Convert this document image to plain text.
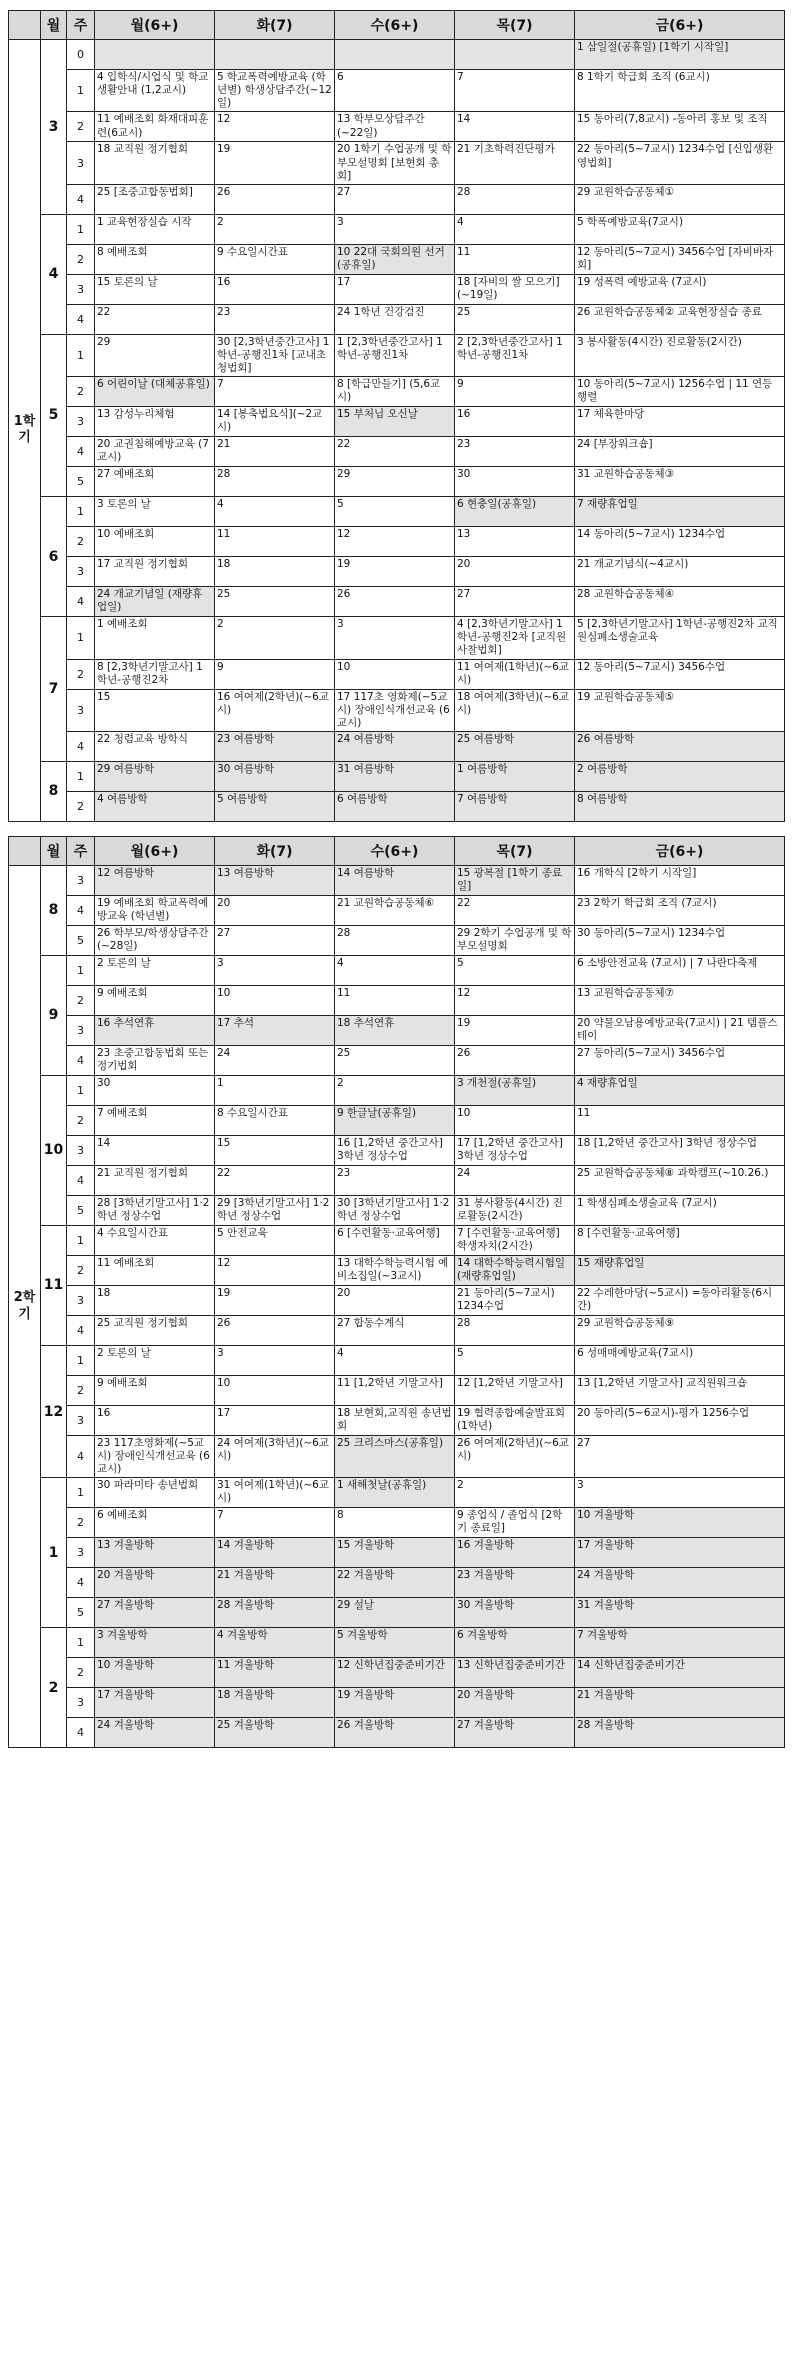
	월	주	월(6+)	화(7)	수(6+)	목(7)	금(6+)
1학기	3	0					1 삼일절(공휴일) [1학기 시작일]
		1	4 입학식/시업식 및 학교생활안내 (1,2교시)	5 학교폭력예방교육 (학년별) 학생상담주간(~12일)	6	7	8 1학기 학급회 조직 (6교시)
		2	11 예배조회 화재대피훈련(6교시)	12	13 학부모상담주간 (~22일)	14	15 동아리(7,8교시) -동아리 홍보 및 조직
		3	18 교직원 정기협회	19	20 1학기 수업공개 및 학부모설명회 [보현회 총회]	21 기초학력진단평가	22 동아리(5~7교시) 1234수업 [신입생환영법회]
		4	25 [조중고합동법회]	26	27	28	29 교원학습공동체①
	4	1	1 교육현장실습 시작	2	3	4	5 학폭예방교육(7교시)
		2	8 예배조회	9 수요일시간표	10 22대 국회의원 선거 (공휴일)	11	12 동아리(5~7교시) 3456수업 [자비바자회]
		3	15 토론의 날	16	17	18 [자비의 쌀 모으기] (~19일)	19 성폭력 예방교육 (7교시)
		4	22	23	24 1학년 건강검진	25	26 교원학습공동체② 교육현장실습 종료
	5	1	29	30 [2,3학년중간고사] 1학년-공행진1차 [교내초청법회]	1 [2,3학년중간고사] 1학년-공행진1차	2 [2,3학년중간고사] 1학년-공행진1차	3 봉사활동(4시간) 진로활동(2시간)
		2	6 어린이날 (대체공휴일)	7	8 [학급만들기] (5,6교시)	9	10 동아리(5~7교시) 1256수업 | 11 연등행렬
		3	13 감성누리체험	14 [봉축법요식](~2교시)	15 부처님 오신날	16	17 체육한마당
		4	20 교권침해예방교육 (7교시)	21	22	23	24 [부장워크숍]
		5	27 예배조회	28	29	30	31 교원학습공동체③
	6	1	3 토론의 날	4	5	6 현충일(공휴일)	7 재량휴업일
		2	10 예배조회	11	12	13	14 동아리(5~7교시) 1234수업
		3	17 교직원 정기협회	18	19	20	21 개교기념식(~4교시)
		4	24 개교기념일 (재량휴업일)	25	26	27	28 교원학습공동체④
	7	1	1 예배조회	2	3	4 [2,3학년기말고사] 1학년-공행진2차 [교직원사찰법회]	5 [2,3학년기말고사] 1학년-공행진2차 교직원심폐소생술교육
		2	8 [2,3학년기말고사] 1학년-공행진2차	9	10	11 여여제(1학년)(~6교시)	12 동아리(5~7교시) 3456수업
		3	15	16 여여제(2학년)(~6교시)	17 117초 영화제(~5교시) 장애인식개선교육 (6교시)	18 여여제(3학년)(~6교시)	19 교원학습공동체⑤
		4	22 청렴교육 방학식	23 여름방학	24 여름방학	25 여름방학	26 여름방학
	8	1	29 여름방학	30 여름방학	31 여름방학	1 여름방학	2 여름방학
		2	4 여름방학	5 여름방학	6 여름방학	7 여름방학	8 여름방학
	월	주	월(6+)	화(7)	수(6+)	목(7)	금(6+)
2학기	8	3	12 여름방학	13 여름방학	14 여름방학	15 광복절 [1학기 종료일]	16 개학식 [2학기 시작일]
		4	19 예배조회 학교폭력예방교육 (학년별)	20	21 교원학습공동체⑥	22	23 2학기 학급회 조직 (7교시)
		5	26 학부모/학생상담주간 (~28일)	27	28	29 2학기 수업공개 및 학부모설명회	30 동아리(5~7교시) 1234수업
	9	1	2 토론의 날	3	4	5	6 소방안전교육 (7교시) | 7 나란다축제
		2	9 예배조회	10	11	12	13 교원학습공동체⑦
		3	16 추석연휴	17 추석	18 추석연휴	19	20 약물오남용예방교육(7교시) | 21 템플스테이
		4	23 초중고합동법회 또는 정기법회	24	25	26	27 동아리(5~7교시) 3456수업
	10	1	30	1	2	3 개천절(공휴일)	4 재량휴업일
		2	7 예배조회	8 수요일시간표	9 한글날(공휴일)	10	11
		3	14	15	16 [1,2학년 중간고사] 3학년 정상수업	17 [1,2학년 중간고사] 3학년 정상수업	18 [1,2학년 중간고사] 3학년 정상수업
		4	21 교직원 정기협회	22	23	24	25 교원학습공동체⑧ 과학캠프(~10.26.)
		5	28 [3학년기말고사] 1·2학년 정상수업	29 [3학년기말고사] 1·2학년 정상수업	30 [3학년기말고사] 1·2학년 정상수업	31 봉사활동(4시간) 진로활동(2시간)	1 학생심폐소생술교육 (7교시)
	11	1	4 수요일시간표	5 안전교육	6 [수련활동·교육여행]	7 [수련활동·교육여행] 학생자치(2시간)	8 [수련활동·교육여행]
		2	11 예배조회	12	13 대학수학능력시험 예비소집일(~3교시)	14 대학수학능력시험일 (재량휴업일)	15 재량휴업일
		3	18	19	20	21 동아리(5~7교시) 1234수업	22 수레한마당(~5교시) =동아리활동(6시간)
		4	25 교직원 정기협회	26	27 합동수계식	28	29 교원학습공동체⑨
	12	1	2 토론의 날	3	4	5	6 성매매예방교육(7교시)
		2	9 예배조회	10	11 [1,2학년 기말고사]	12 [1,2학년 기말고사]	13 [1,2학년 기말고사] 교직원워크숍
		3	16	17	18 보현회,교직원 송년법회	19 협력종합예술발표회 (1학년)	20 동아리(5~6교시)-평가 1256수업
		4	23 117초영화제(~5교시) 장애인식개선교육 (6교시)	24 여여제(3학년)(~6교시)	25 크리스마스(공휴일)	26 여여제(2학년)(~6교시)	27
	1	1	30 파라미타 송년법회	31 여여제(1학년)(~6교시)	1 새해첫날(공휴일)	2	3
		2	6 예배조회	7	8	9 종업식 / 졸업식 [2학기 종료일]	10 겨울방학
		3	13 겨울방학	14 겨울방학	15 겨울방학	16 겨울방학	17 겨울방학
		4	20 겨울방학	21 겨울방학	22 겨울방학	23 겨울방학	24 겨울방학
		5	27 겨울방학	28 겨울방학	29 설날	30 겨울방학	31 겨울방학
	2	1	3 겨울방학	4 겨울방학	5 겨울방학	6 겨울방학	7 겨울방학
		2	10 겨울방학	11 겨울방학	12 신학년집중준비기간	13 신학년집중준비기간	14 신학년집중준비기간
		3	17 겨울방학	18 겨울방학	19 겨울방학	20 겨울방학	21 겨울방학
		4	24 겨울방학	25 겨울방학	26 겨울방학	27 겨울방학	28 겨울방학
